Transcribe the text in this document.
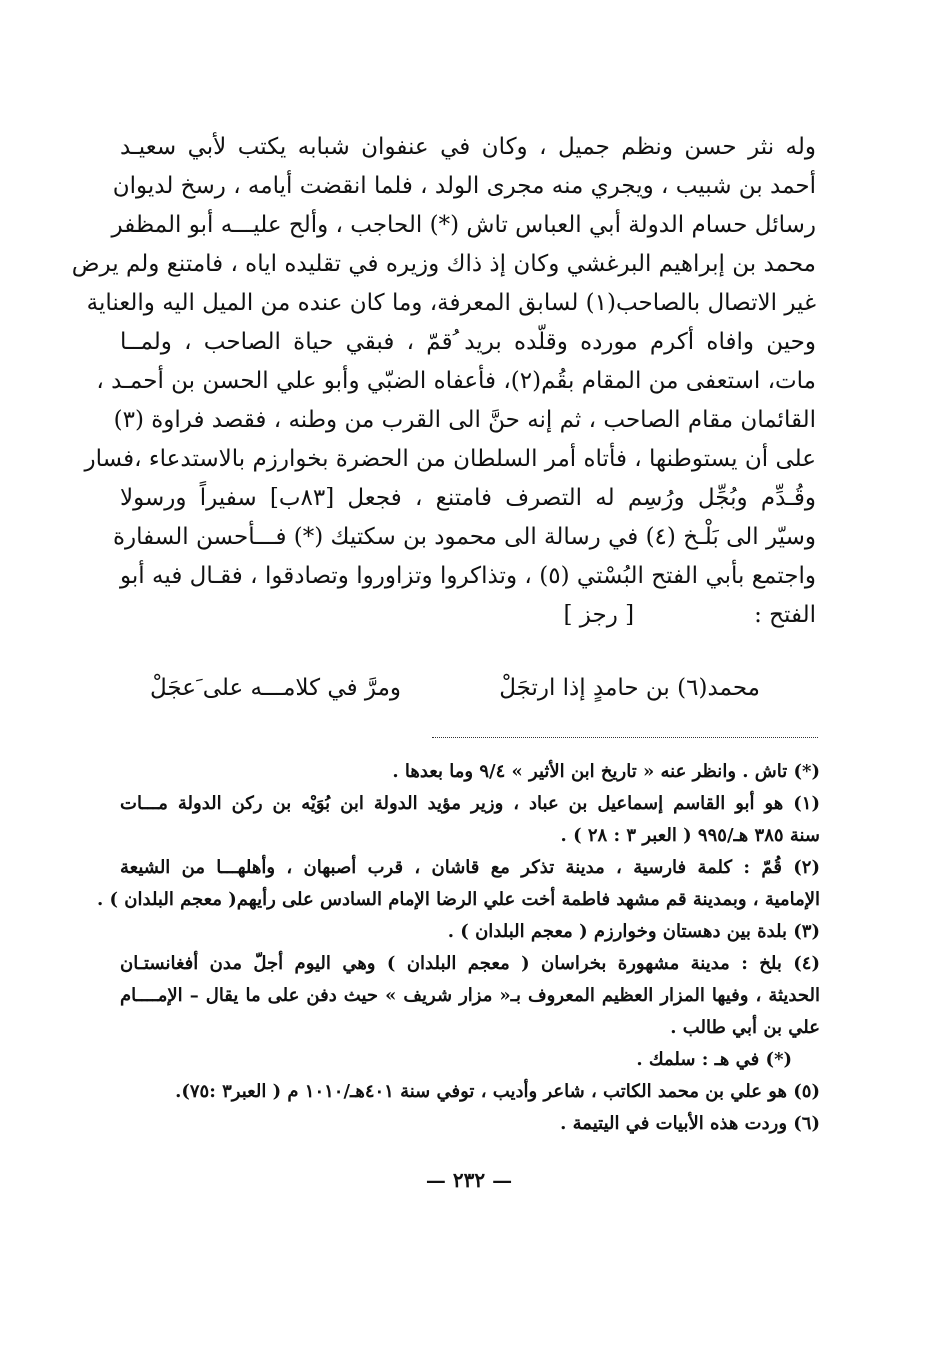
وله نثر حسن ونظم جميل ، وكان في عنفوان شبابه يكتب لأبي سعيـد
أحمد بن شبيب ، ويجري منه مجرى الولد ، فلما انقضت أيامه ، رسخ لديوان
رسائل حسام الدولة أبي العباس تاش (*) الحاجب ، وألح عليـــه أبو المظفر
محمد بن إبراهيم البرغشي وكان إذ ذاك وزيره في تقليده اياه ، فامتنع ولم يرض
غير الاتصال بالصاحب(١) لسابق المعرفة، وما كان عنده من الميل اليه والعناية
وحين وافاه أكرم مورده وقلّده بريد ُقمّ ، فبقي حياة الصاحب ، ولمــا
مات، استعفى من المقام بقُم(٢)، فأعفاه الضبّي وأبو علي الحسن بن أحمـد ،
القائمان مقام الصاحب ، ثم إنه حنَّ الى القرب من وطنه ، فقصد فراوة (٣)
على أن يستوطنها ، فأتاه أمر السلطان من الحضرة بخوارزم بالاستدعاء ،فسار
وقُـدِّم وبُجِّل ورُسِم له التصرف فامتنع ، فجعل [٨٣ب] سفيراً ورسولا
وسيّر الى بَلْـخ (٤) في رسالة الى محمود بن سكتيك (*) فـــأحسن السفارة
واجتمع بأبي الفتح البُسْتي (٥) ، وتذاكروا وتزاوروا وتصادقوا ، فقـال فيه أبو
الفتح :[ رجز ]
محمد(٦) بن حامدٍ إذا ارتجَلْ
ومرَّ في كلامـــه على َعجَلْ
(*) تاش . وانظر عنه « تاريخ ابن الأثير » ٩/٤ وما بعدها .
(١) هو أبو القاسم إسماعيل بن عباد ، وزير مؤيد الدولة ابن بُوَيْه بن ركن الدولة مـــات
سنة ٣٨٥ هـ/٩٩٥ ( العبر ٣ : ٢٨ ) .
(٢) قُمّ : كلمة فارسية ، مدينة تذكر مع قاشان ، قرب أصبهان ، وأهلهـــا من الشيعة
الإمامية ، وبمدينة قم مشهد فاطمة أخت علي الرضا الإمام السادس على رأيهم( معجم البلدان ) .
(٣) بلدة بين دهستان وخوارزم ( معجم البلدان ) .
(٤) بلخ : مدينة مشهورة بخراسان ( معجم البلدان ) وهي اليوم أجلّ مدن أفغانستـان
الحديثة ، وفيها المزار العظيم المعروف بـ« مزار شريف » حيث دفن على ما يقال – الإمــــام
علي بن أبي طالب .
(*) في هـ : سلمك .
(٥) هو علي بن محمد الكاتب ، شاعر وأديب ، توفي سنة ٤٠١هـ/١٠١٠ م ( العبر٣ :٧٥).
(٦) وردت هذه الأبيات في اليتيمة .
— ٢٣٢ —
